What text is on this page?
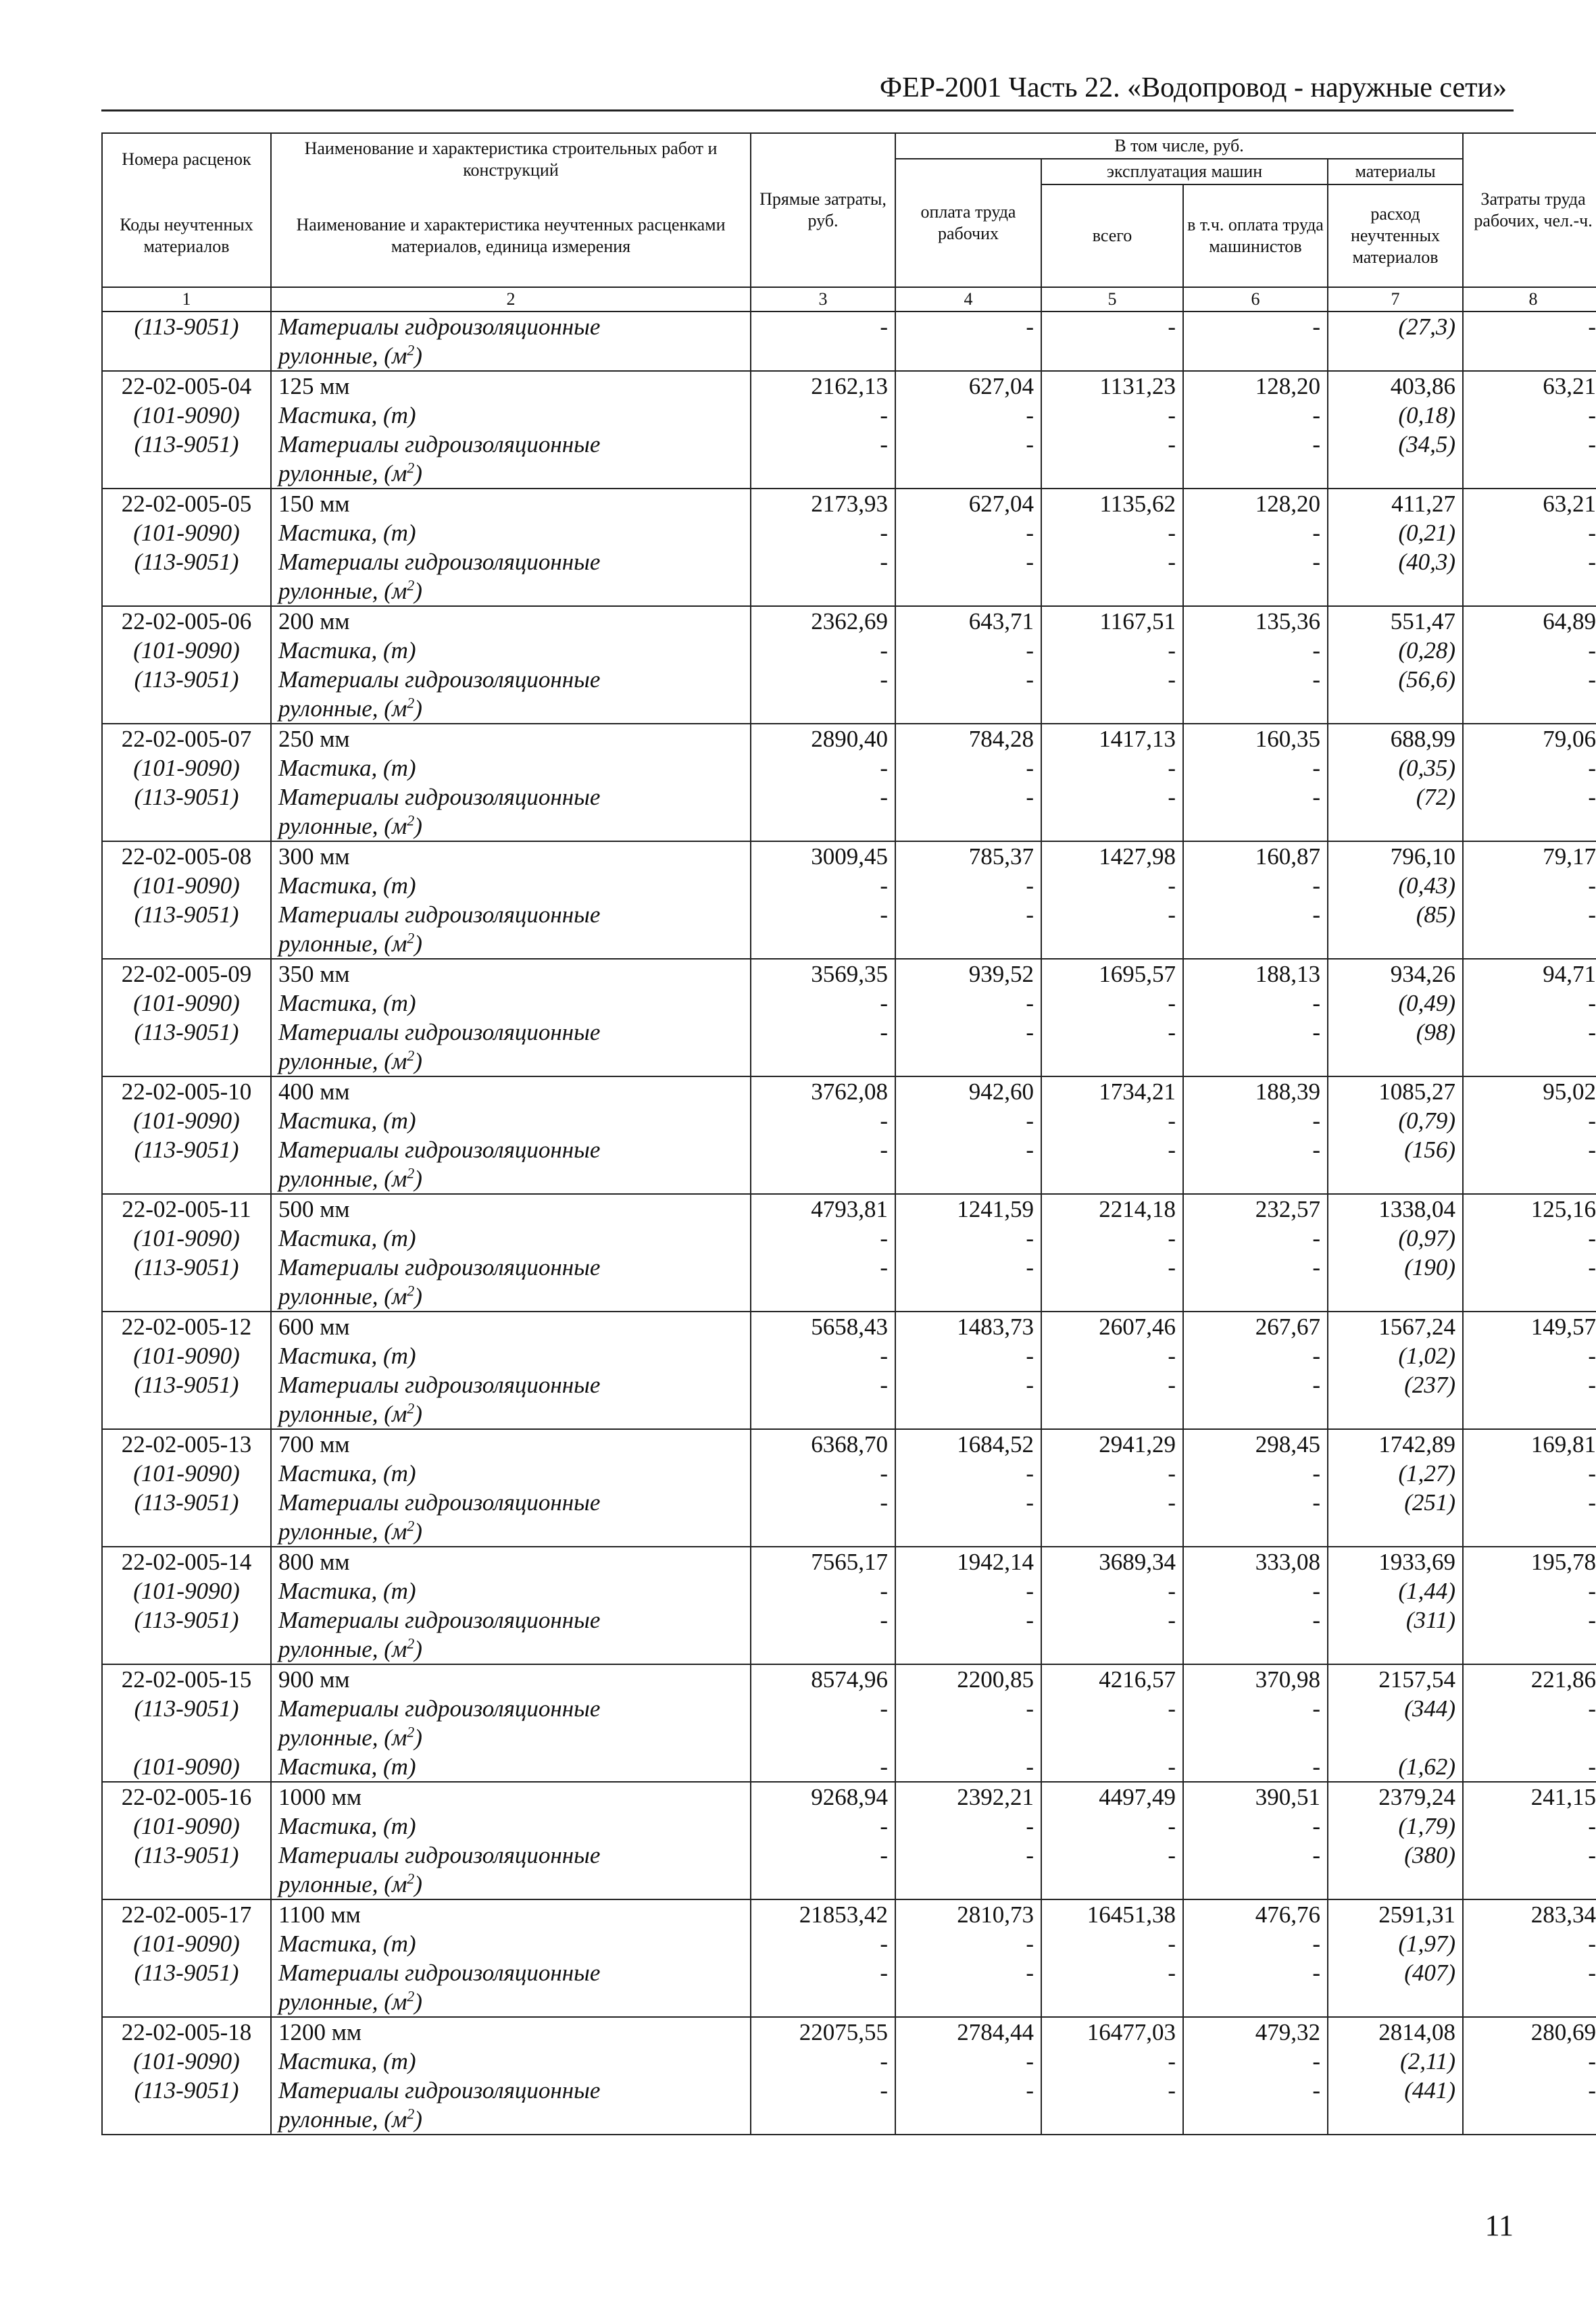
ФЕР-2001 Часть 22. «Водопровод - наружные сети»
Номера расценок	Наименование и характеристика строительных работ и конструкций	Прямые затраты, руб.	В том числе, руб.				Затраты труда рабочих, чел.-ч.
			оплата труда рабочих	эксплуатация машин		материалы	
Коды неучтенных материалов	Наименование и характеристика неучтенных расценками материалов, единица измерения			всего	в т.ч. оплата труда машинистов	расход неучтенных материалов	

1	2	3	4	5	6	7	8
(113-9051)	Материалы гидроизоляционные	-	-	-	-	(27,3)	-
	рулонные, $(м^2)$						
22-02-005-04	125 мм	2162,13	627,04	1131,23	128,20	403,86	63,21
(101-9090)	Мастика, (т)	-	-	-	-	(0,18)	-
(113-9051)	Материалы гидроизоляционные	-	-	-	-	(34,5)	-
	рулонные, $(м^2)$						
22-02-005-05	150 мм	2173,93	627,04	1135,62	128,20	411,27	63,21
(101-9090)	Мастика, (т)	-	-	-	-	(0,21)	-
(113-9051)	Материалы гидроизоляционные	-	-	-	-	(40,3)	-
	рулонные, $(м^2)$						
22-02-005-06	200 мм	2362,69	643,71	1167,51	135,36	551,47	64,89
(101-9090)	Мастика, (т)	-	-	-	-	(0,28)	-
(113-9051)	Материалы гидроизоляционные	-	-	-	-	(56,6)	-
	рулонные, $(м^2)$						
22-02-005-07	250 мм	2890,40	784,28	1417,13	160,35	688,99	79,06
(101-9090)	Мастика, (т)	-	-	-	-	(0,35)	-
(113-9051)	Материалы гидроизоляционные	-	-	-	-	(72)	-
	рулонные, $(м^2)$						
22-02-005-08	300 мм	3009,45	785,37	1427,98	160,87	796,10	79,17
(101-9090)	Мастика, (т)	-	-	-	-	(0,43)	-
(113-9051)	Материалы гидроизоляционные	-	-	-	-	(85)	-
	рулонные, $(м^2)$						
22-02-005-09	350 мм	3569,35	939,52	1695,57	188,13	934,26	94,71
(101-9090)	Мастика, (т)	-	-	-	-	(0,49)	-
(113-9051)	Материалы гидроизоляционные	-	-	-	-	(98)	-
	рулонные, $(м^2)$						
22-02-005-10	400 мм	3762,08	942,60	1734,21	188,39	1085,27	95,02
(101-9090)	Мастика, (т)	-	-	-	-	(0,79)	-
(113-9051)	Материалы гидроизоляционные	-	-	-	-	(156)	-
	рулонные, $(м^2)$						
22-02-005-11	500 мм	4793,81	1241,59	2214,18	232,57	1338,04	125,16
(101-9090)	Мастика, (т)	-	-	-	-	(0,97)	-
(113-9051)	Материалы гидроизоляционные	-	-	-	-	(190)	-
	рулонные, $(м^2)$						
22-02-005-12	600 мм	5658,43	1483,73	2607,46	267,67	1567,24	149,57
(101-9090)	Мастика, (т)	-	-	-	-	(1,02)	-
(113-9051)	Материалы гидроизоляционные	-	-	-	-	(237)	-
	рулонные, $(м^2)$						
22-02-005-13	700 мм	6368,70	1684,52	2941,29	298,45	1742,89	169,81
(101-9090)	Мастика, (т)	-	-	-	-	(1,27)	-
(113-9051)	Материалы гидроизоляционные	-	-	-	-	(251)	-
	рулонные, $(м^2)$						
22-02-005-14	800 мм	7565,17	1942,14	3689,34	333,08	1933,69	195,78
(101-9090)	Мастика, (т)	-	-	-	-	(1,44)	-
(113-9051)	Материалы гидроизоляционные	-	-	-	-	(311)	-
	рулонные, $(м^2)$						
22-02-005-15	900 мм	8574,96	2200,85	4216,57	370,98	2157,54	221,86
(113-9051)	Материалы гидроизоляционные	-	-	-	-	(344)	-
	рулонные, $(м^2)$						
(101-9090)	Мастика, (т)	-	-	-	-	(1,62)	-
22-02-005-16	1000 мм	9268,94	2392,21	4497,49	390,51	2379,24	241,15
(101-9090)	Мастика, (т)	-	-	-	-	(1,79)	-
(113-9051)	Материалы гидроизоляционные	-	-	-	-	(380)	-
	рулонные, $(м^2)$						
22-02-005-17	1100 мм	21853,42	2810,73	16451,38	476,76	2591,31	283,34
(101-9090)	Мастика, (т)	-	-	-	-	(1,97)	-
(113-9051)	Материалы гидроизоляционные	-	-	-	-	(407)	-
	рулонные, $(м^2)$						
22-02-005-18	1200 мм	22075,55	2784,44	16477,03	479,32	2814,08	280,69
(101-9090)	Мастика, (т)	-	-	-	-	(2,11)	-
(113-9051)	Материалы гидроизоляционные	-	-	-	-	(441)	-
	рулонные, $(м^2)$						
11
